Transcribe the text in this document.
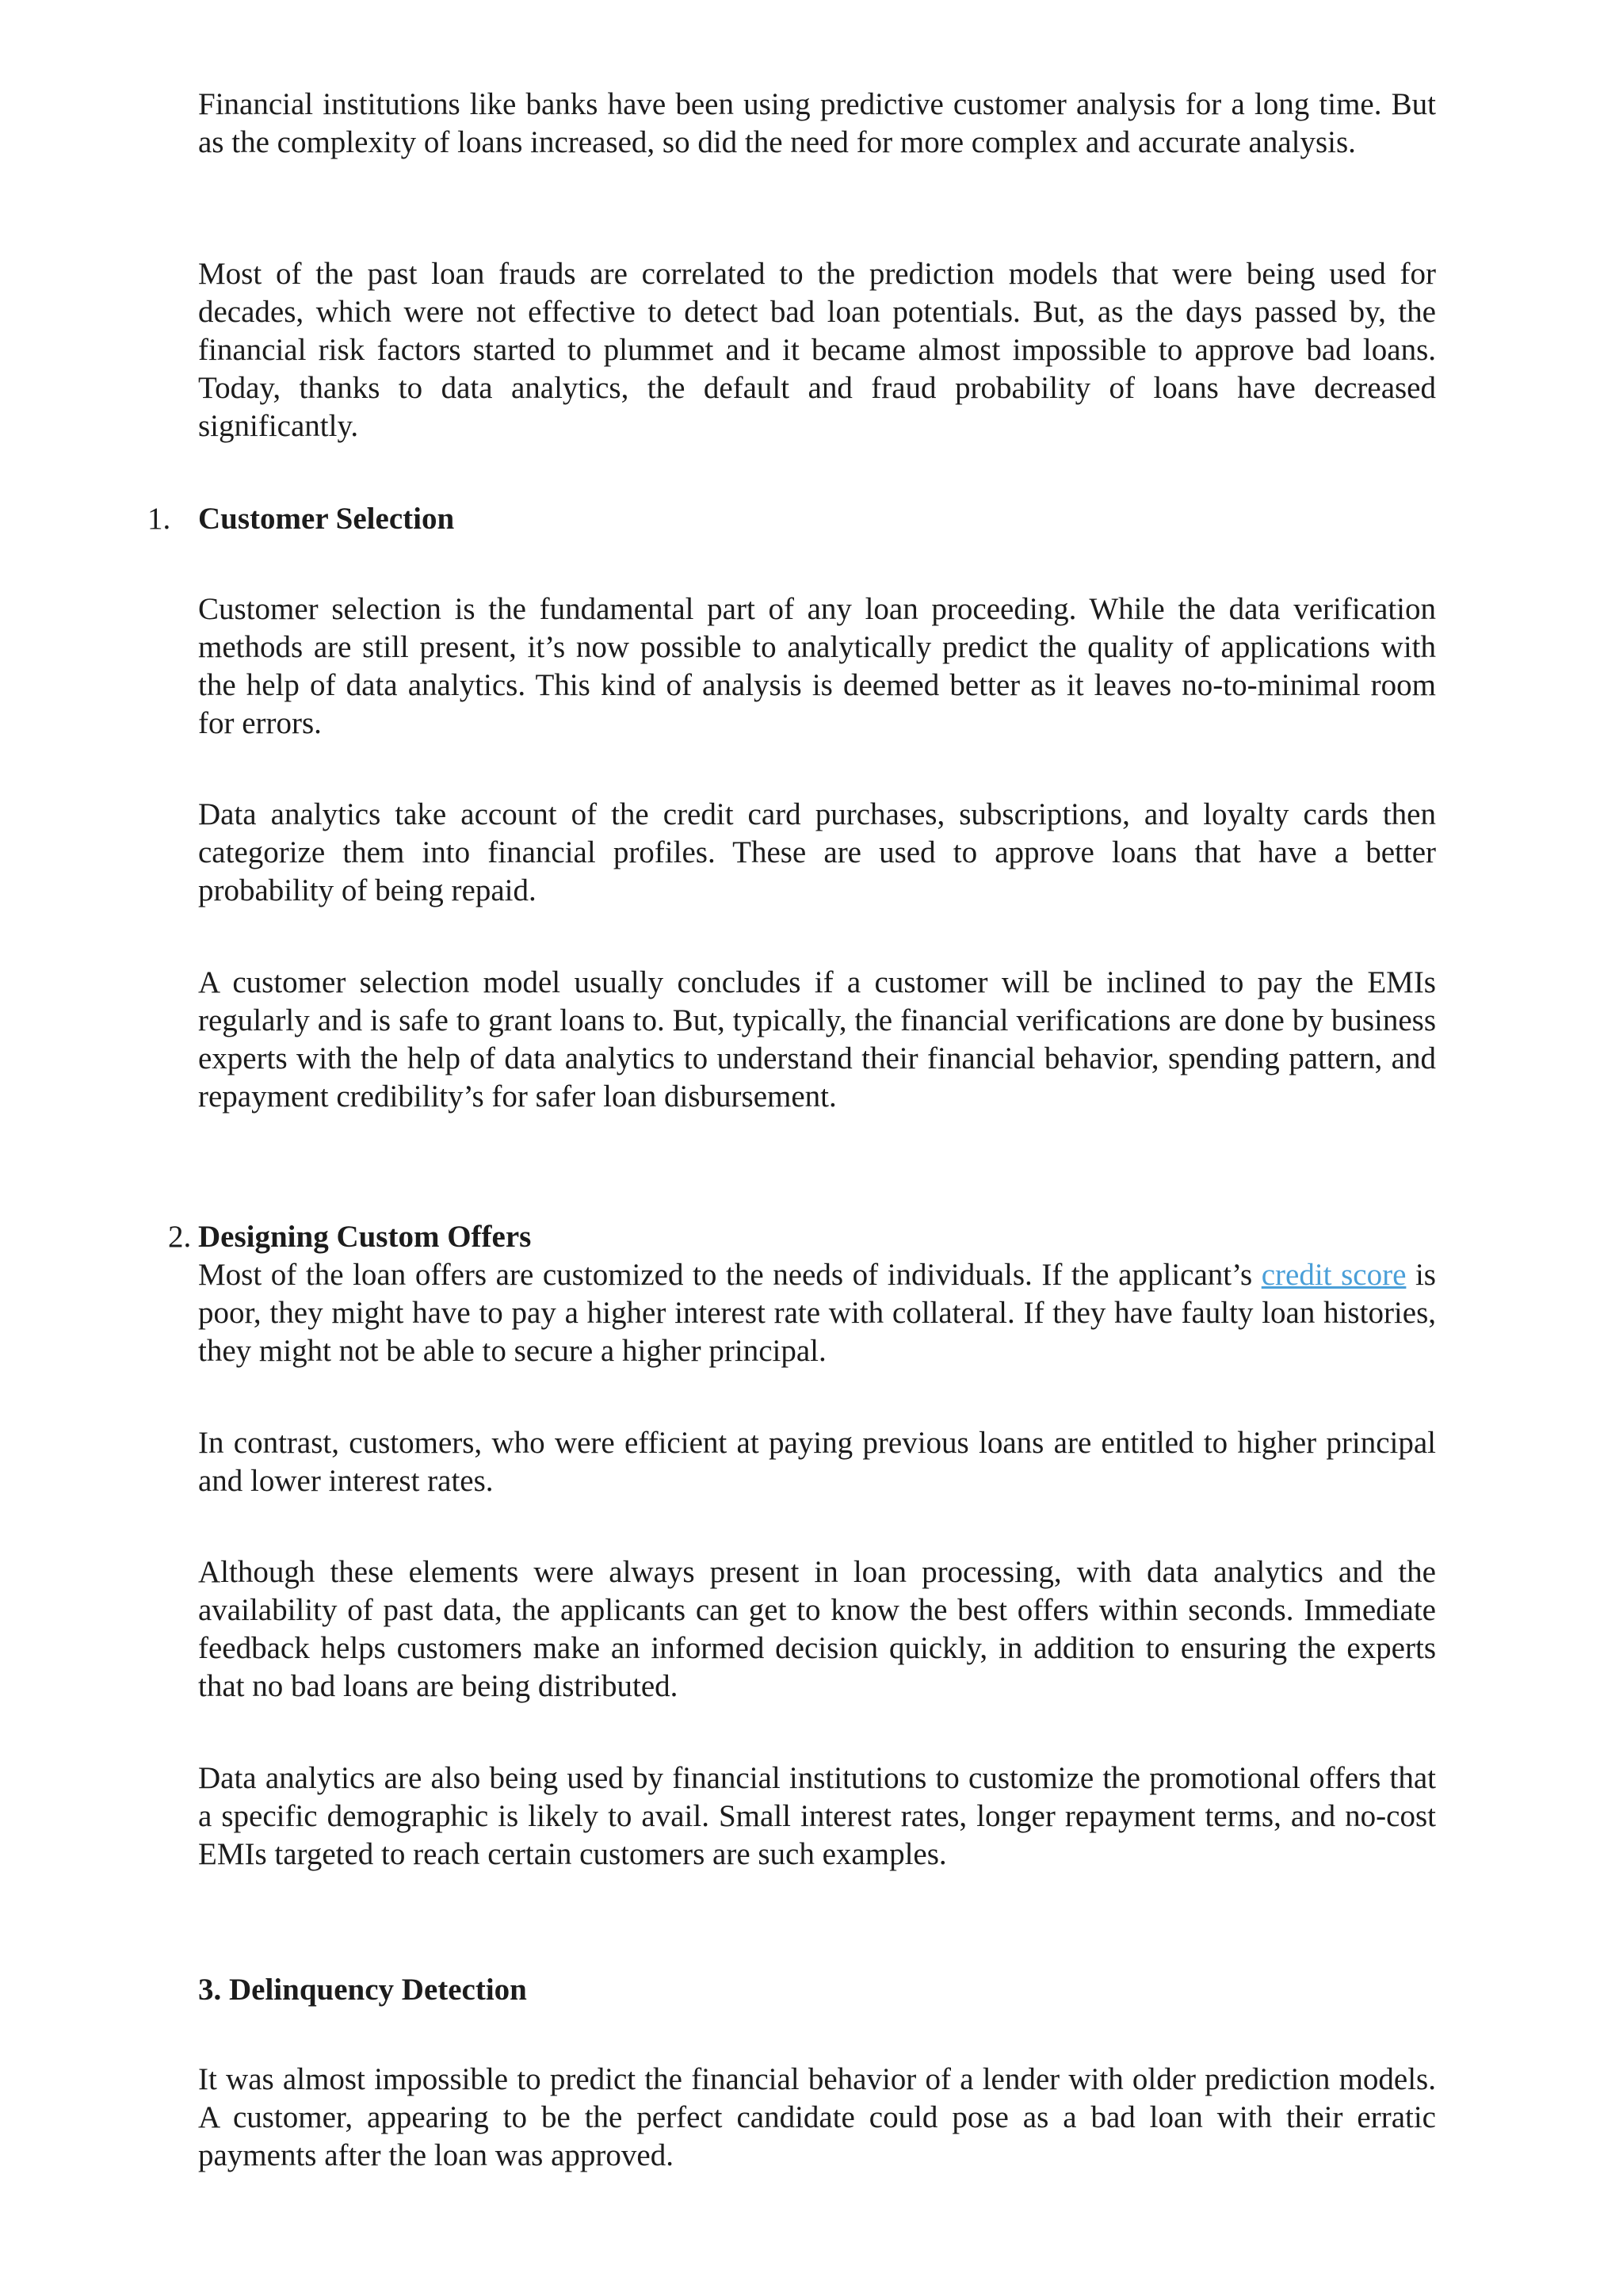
Financial institutions like banks have been using predictive customer analysis for a long time. But as the complexity of loans increased, so did the need for more complex and accurate analysis.

Most of the past loan frauds are correlated to the prediction models that were being used for decades, which were not effective to detect bad loan potentials. But, as the days passed by, the financial risk factors started to plummet and it became almost impossible to approve bad loans. Today, thanks to data analytics, the default and fraud probability of loans have decreased significantly.

1. Customer Selection

Customer selection is the fundamental part of any loan proceeding. While the data verification methods are still present, it’s now possible to analytically predict the quality of applications with the help of data analytics. This kind of analysis is deemed better as it leaves no-to-minimal room for errors.

Data analytics take account of the credit card purchases, subscriptions, and loyalty cards then categorize them into financial profiles. These are used to approve loans that have a better probability of being repaid.

A customer selection model usually concludes if a customer will be inclined to pay the EMIs regularly and is safe to grant loans to. But, typically, the financial verifications are done by business experts with the help of data analytics to understand their financial behavior, spending pattern, and repayment credibility’s for safer loan disbursement.

2. Designing Custom Offers

Most of the loan offers are customized to the needs of individuals. If the applicant’s credit score is poor, they might have to pay a higher interest rate with collateral. If they have faulty loan histories, they might not be able to secure a higher principal.

In contrast, customers, who were efficient at paying previous loans are entitled to higher principal and lower interest rates.

Although these elements were always present in loan processing, with data analytics and the availability of past data, the applicants can get to know the best offers within seconds. Immediate feedback helps customers make an informed decision quickly, in addition to ensuring the experts that no bad loans are being distributed.

Data analytics are also being used by financial institutions to customize the promotional offers that a specific demographic is likely to avail. Small interest rates, longer repayment terms, and no-cost EMIs targeted to reach certain customers are such examples.

3. Delinquency Detection

It was almost impossible to predict the financial behavior of a lender with older prediction models. A customer, appearing to be the perfect candidate could pose as a bad loan with their erratic payments after the loan was approved.
